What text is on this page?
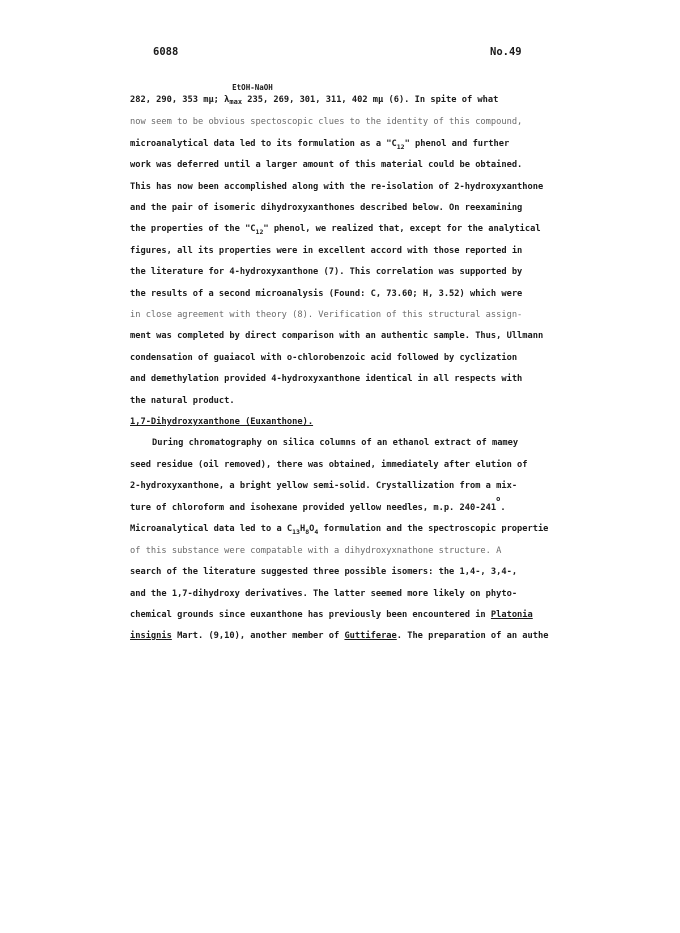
6088	No.49
282, 290, 353 mμ;
EtOH-NaOH
$\lambda_{max}$ 235, 269, 301, 311, 402 mμ (6). In spite of what
now seem to be obvious spectoscopic clues to the identity of this compound,
microanalytical data led to its formulation as a "$C_{12}$" phenol and further
work was deferred until a larger amount of this material could be obtained.
This has now been accomplished along with the re-isolation of 2-hydroxyxanthone
and the pair of isomeric dihydroxyxanthones described below. On reexamining
the properties of the "$C_{12}$" phenol, we realized that, except for the analytical
figures, all its properties were in excellent accord with those reported in
the literature for 4-hydroxyxanthone (7). This correlation was supported by
the results of a second microanalysis (Found: C, 73.60; H, 3.52) which were
in close agreement with theory (8). Verification of this structural assign-
ment was completed by direct comparison with an authentic sample. Thus, Ullmann
condensation of guaiacol with o-chlorobenzoic acid followed by cyclization
and demethylation provided 4-hydroxyxanthone identical in all respects with
the natural product.
1,7-Dihydroxyxanthone (Euxanthone).
During chromatography on silica columns of an ethanol extract of mamey
seed residue (oil removed), there was obtained, immediately after elution of
2-hydroxyxanthone, a bright yellow semi-solid. Crystallization from a mix-
ture of chloroform and isohexane provided yellow needles, m.p. 240-241$^o$.
Microanalytical data led to a $C_{13}H_8O_4$ formulation and the spectroscopic propertie
of this substance were compatable with a dihydroxyxnathone structure. A
search of the literature suggested three possible isomers: the 1,4-, 3,4-,
and the 1,7-dihydroxy derivatives. The latter seemed more likely on phyto-
chemical grounds since euxanthone has previously been encountered in Platonia
insignis Mart. (9,10), another member of Guttiferae. The preparation of an authe
